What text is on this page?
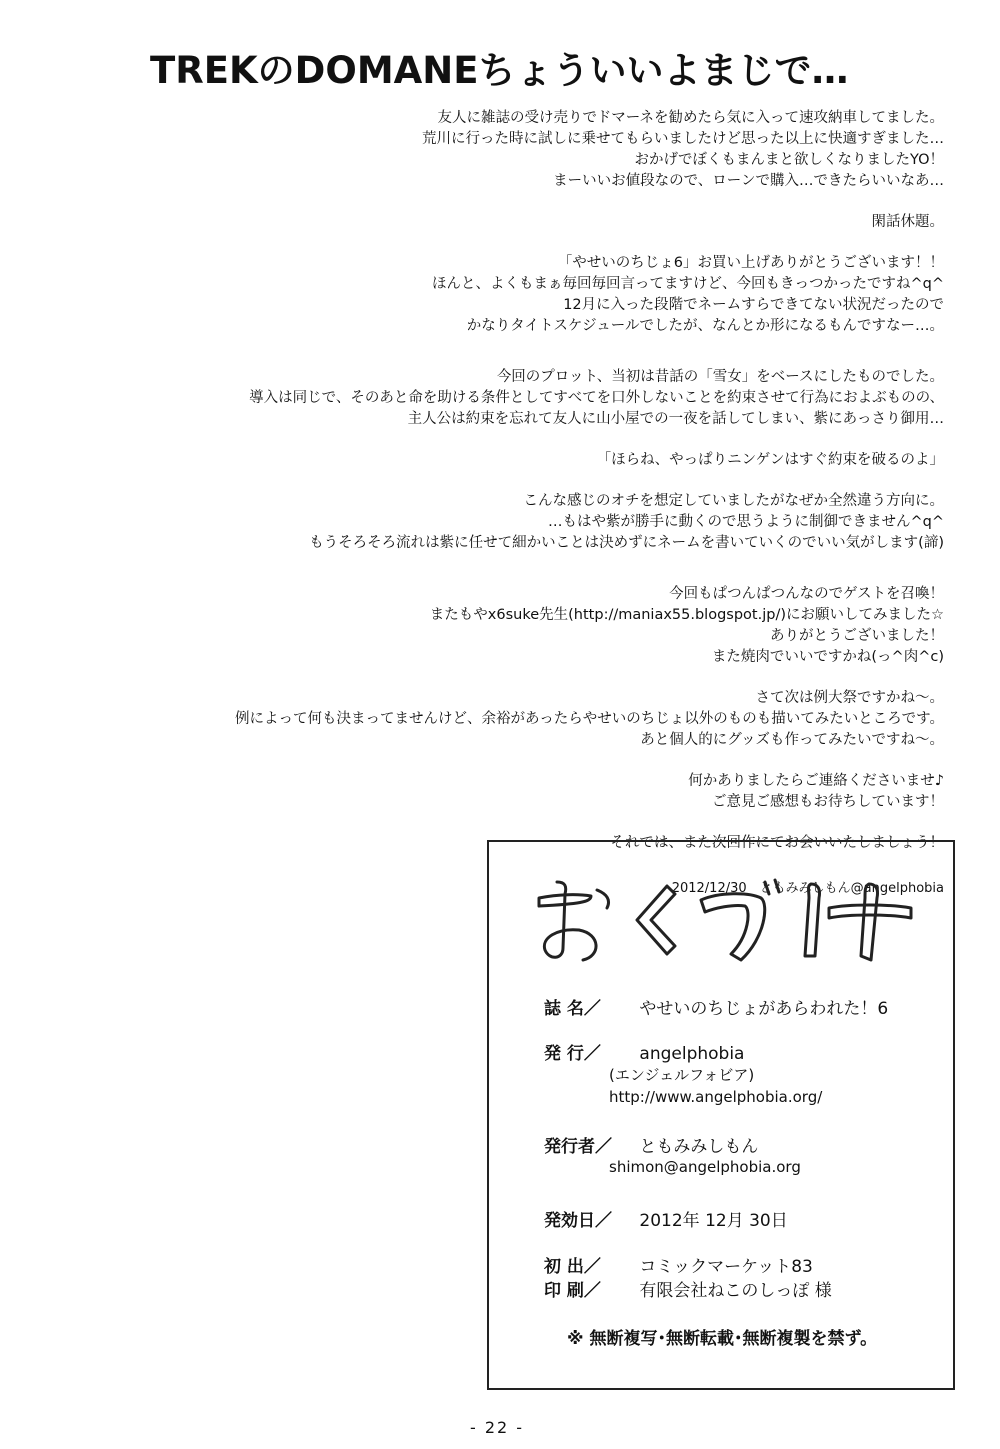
TREKのDOMANEちょういいよまじで…
友人に雑誌の受け売りでドマーネを勧めたら気に入って速攻納車してました。
荒川に行った時に試しに乗せてもらいましたけど思った以上に快適すぎました…
おかげでぼくもまんまと欲しくなりましたYO！
まーいいお値段なので、ローンで購入…できたらいいなあ…
閑話休題。
「やせいのちじょ6」お買い上げありがとうございます！！
ほんと、よくもまぁ毎回毎回言ってますけど、今回もきっつかったですね^q^
12月に入った段階でネームすらできてない状況だったので
かなりタイトスケジュールでしたが、なんとか形になるもんですなー…。
今回のプロット、当初は昔話の「雪女」をベースにしたものでした。
導入は同じで、そのあと命を助ける条件としてすべてを口外しないことを約束させて行為におよぶものの、
主人公は約束を忘れて友人に山小屋での一夜を話してしまい、紫にあっさり御用…
「ほらね、やっぱりニンゲンはすぐ約束を破るのよ」
こんな感じのオチを想定していましたがなぜか全然違う方向に。
…もはや紫が勝手に動くので思うように制御できません^q^
もうそろそろ流れは紫に任せて細かいことは決めずにネームを書いていくのでいい気がします(諦)
今回もぱつんぱつんなのでゲストを召喚！
またもやx6suke先生(http://maniax55.blogspot.jp/)にお願いしてみました☆
ありがとうございました！
また焼肉でいいですかね(っ^肉^c)
さて次は例大祭ですかね～。
例によって何も決まってませんけど、余裕があったらやせいのちじょ以外のものも描いてみたいところです。
あと個人的にグッズも作ってみたいですね～。
何かありましたらご連絡くださいませ♪
ご意見ご感想もお待ちしています！
それでは、また次回作にてお会いいたしましょう！
2012/12/30　ともみみしもん@angelphobia
誌 名／ やせいのちじょがあらわれた！6
発 行／ angelphobia
(エンジェルフォビア)
http://www.angelphobia.org/
発行者／ ともみみしもん
shimon@angelphobia.org
発効日／ 2012年 12月 30日
初 出／ コミックマーケット83
印 刷／ 有限会社ねこのしっぽ 様
※ 無断複写･無断転載･無断複製を禁ず。
- 22 -
